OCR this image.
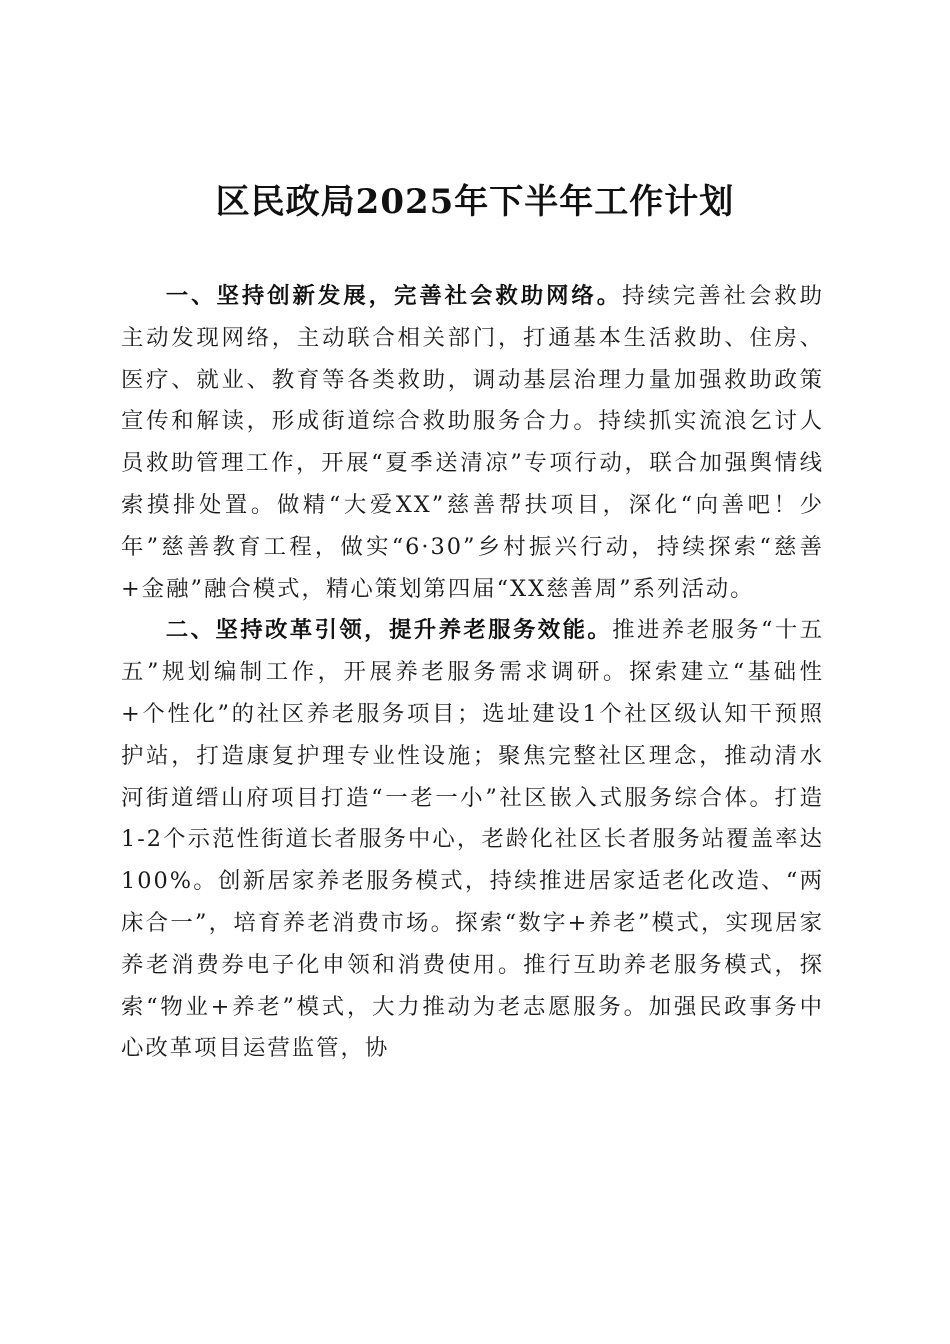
区民政局2025年下半年工作计划

一、坚持创新发展，完善社会救助网络。持续完善社会救助主动发现网络，主动联合相关部门，打通基本生活救助、住房、医疗、就业、教育等各类救助，调动基层治理力量加强救助政策宣传和解读，形成街道综合救助服务合力。持续抓实流浪乞讨人员救助管理工作，开展“夏季送清凉”专项行动，联合加强舆情线索摸排处置。做精“大爱XX”慈善帮扶项目，深化“向善吧！少年”慈善教育工程，做实“6·30”乡村振兴行动，持续探索“慈善+金融”融合模式，精心策划第四届“XX慈善周”系列活动。

二、坚持改革引领，提升养老服务效能。推进养老服务“十五五”规划编制工作，开展养老服务需求调研。探索建立“基础性+个性化”的社区养老服务项目；选址建设1个社区级认知干预照护站，打造康复护理专业性设施；聚焦完整社区理念，推动清水河街道缙山府项目打造“一老一小”社区嵌入式服务综合体。打造1-2个示范性街道长者服务中心，老龄化社区长者服务站覆盖率达100%。创新居家养老服务模式，持续推进居家适老化改造、“两床合一”，培育养老消费市场。探索“数字+养老”模式，实现居家养老消费券电子化申领和消费使用。推行互助养老服务模式，探索“物业+养老”模式，大力推动为老志愿服务。加强民政事务中心改革项目运营监管，协
